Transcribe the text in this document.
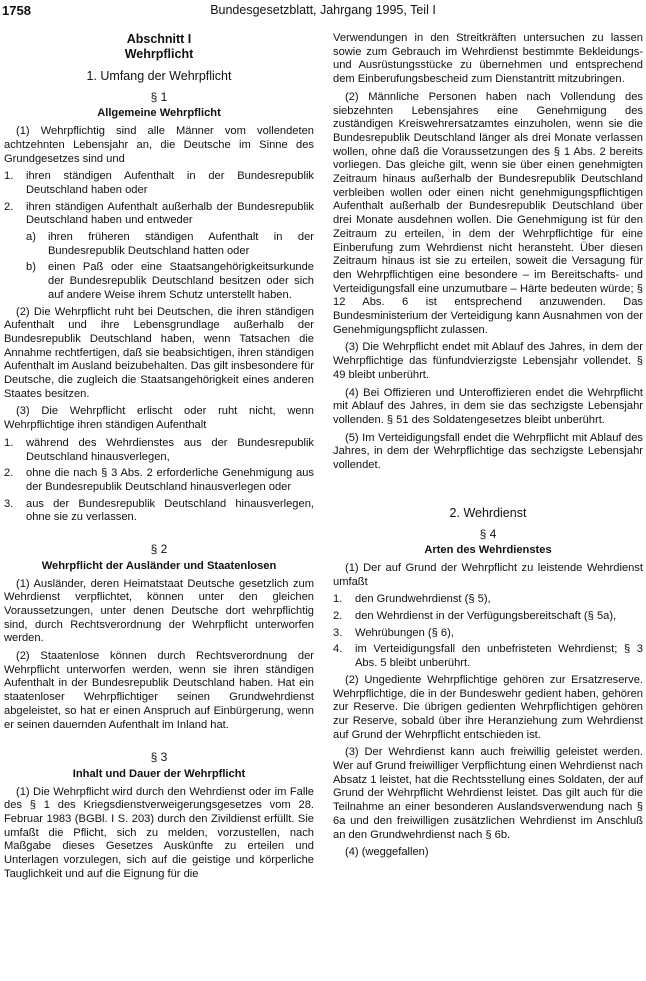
1758	Bundesgesetzblatt, Jahrgang 1995, Teil I
Abschnitt I
Wehrpflicht
1. Umfang der Wehrpflicht
§ 1
Allgemeine Wehrpflicht

(1) Wehrpflichtig sind alle Männer vom vollendeten achtzehnten Lebensjahr an, die Deutsche im Sinne des Grundgesetzes sind und

1. ihren ständigen Aufenthalt in der Bundesrepublik Deutschland haben oder
2. ihren ständigen Aufenthalt außerhalb der Bundesrepublik Deutschland haben und entweder
a) ihren früheren ständigen Aufenthalt in der Bundesrepublik Deutschland hatten oder
b) einen Paß oder eine Staatsangehörigkeitsurkunde der Bundesrepublik Deutschland besitzen oder sich auf andere Weise ihrem Schutz unterstellt haben.

(2) Die Wehrpflicht ruht bei Deutschen, die ihren ständigen Aufenthalt und ihre Lebensgrundlage außerhalb der Bundesrepublik Deutschland haben, wenn Tatsachen die Annahme rechtfertigen, daß sie beabsichtigen, ihren ständigen Aufenthalt im Ausland beizubehalten. Das gilt insbesondere für Deutsche, die zugleich die Staatsangehörigkeit eines anderen Staates besitzen.

(3) Die Wehrpflicht erlischt oder ruht nicht, wenn Wehrpflichtige ihren ständigen Aufenthalt

1. während des Wehrdienstes aus der Bundesrepublik Deutschland hinausverlegen,
2. ohne die nach § 3 Abs. 2 erforderliche Genehmigung aus der Bundesrepublik Deutschland hinausverlegen oder
3. aus der Bundesrepublik Deutschland hinausverlegen, ohne sie zu verlassen.
§ 2
Wehrpflicht der Ausländer und Staatenlosen

(1) Ausländer, deren Heimatstaat Deutsche gesetzlich zum Wehrdienst verpflichtet, können unter den gleichen Voraussetzungen, unter denen Deutsche dort wehrpflichtig sind, durch Rechtsverordnung der Wehrpflicht unterworfen werden.

(2) Staatenlose können durch Rechtsverordnung der Wehrpflicht unterworfen werden, wenn sie ihren ständigen Aufenthalt in der Bundesrepublik Deutschland haben. Hat ein staatenloser Wehrpflichtiger seinen Grundwehrdienst abgeleistet, so hat er einen Anspruch auf Einbürgerung, wenn er seinen dauernden Aufenthalt im Inland hat.

§ 3
Inhalt und Dauer der Wehrpflicht

(1) Die Wehrpflicht wird durch den Wehrdienst oder im Falle des § 1 des Kriegsdienstverweigerungsgesetzes vom 28. Februar 1983 (BGBl. I S. 203) durch den Zivildienst erfüllt. Sie umfaßt die Pflicht, sich zu melden, vorzustellen, nach Maßgabe dieses Gesetzes Auskünfte zu erteilen und Unterlagen vorzulegen, sich auf die geistige und körperliche Tauglichkeit und auf die Eignung für die

Verwendungen in den Streitkräften untersuchen zu lassen sowie zum Gebrauch im Wehrdienst bestimmte Bekleidungs- und Ausrüstungsstücke zu übernehmen und entsprechend dem Einberufungsbescheid zum Dienstantritt mitzubringen.

(2) Männliche Personen haben nach Vollendung des siebzehnten Lebensjahres eine Genehmigung des zuständigen Kreiswehrersatzamtes einzuholen, wenn sie die Bundesrepublik Deutschland länger als drei Monate verlassen wollen, ohne daß die Voraussetzungen des § 1 Abs. 2 bereits vorliegen. Das gleiche gilt, wenn sie über einen genehmigten Zeitraum hinaus außerhalb der Bundesrepublik Deutschland verbleiben wollen oder einen nicht genehmigungspflichtigen Aufenthalt außerhalb der Bundesrepublik Deutschland über drei Monate ausdehnen wollen. Die Genehmigung ist für den Zeitraum zu erteilen, in dem der Wehrpflichtige für eine Einberufung zum Wehrdienst nicht heransteht. Über diesen Zeitraum hinaus ist sie zu erteilen, soweit die Versagung für den Wehrpflichtigen eine besondere – im Bereitschafts- und Verteidigungsfall eine unzumutbare – Härte bedeuten würde; § 12 Abs. 6 ist entsprechend anzuwenden. Das Bundesministerium der Verteidigung kann Ausnahmen von der Genehmigungspflicht zulassen.

(3) Die Wehrpflicht endet mit Ablauf des Jahres, in dem der Wehrpflichtige das fünfundvierzigste Lebensjahr vollendet. § 49 bleibt unberührt.

(4) Bei Offizieren und Unteroffizieren endet die Wehrpflicht mit Ablauf des Jahres, in dem sie das sechzigste Lebensjahr vollenden. § 51 des Soldatengesetzes bleibt unberührt.

(5) Im Verteidigungsfall endet die Wehrpflicht mit Ablauf des Jahres, in dem der Wehrpflichtige das sechzigste Lebensjahr vollendet.

2. Wehrdienst
§ 4
Arten des Wehrdienstes

(1) Der auf Grund der Wehrpflicht zu leistende Wehrdienst umfaßt

1. den Grundwehrdienst (§ 5),
2. den Wehrdienst in der Verfügungsbereitschaft (§ 5a),
3. Wehrübungen (§ 6),
4. im Verteidigungsfall den unbefristeten Wehrdienst; § 3 Abs. 5 bleibt unberührt.

(2) Ungediente Wehrpflichtige gehören zur Ersatzreserve. Wehrpflichtige, die in der Bundeswehr gedient haben, gehören zur Reserve. Die übrigen gedienten Wehrpflichtigen gehören zur Reserve, sobald über ihre Heranziehung zum Wehrdienst auf Grund der Wehrpflicht entschieden ist.

(3) Der Wehrdienst kann auch freiwillig geleistet werden. Wer auf Grund freiwilliger Verpflichtung einen Wehrdienst nach Absatz 1 leistet, hat die Rechtsstellung eines Soldaten, der auf Grund der Wehrpflicht Wehrdienst leistet. Das gilt auch für die Teilnahme an einer besonderen Auslandsverwendung nach § 6a und den freiwilligen zusätzlichen Wehrdienst im Anschluß an den Grundwehrdienst nach § 6b.

(4) (weggefallen)
